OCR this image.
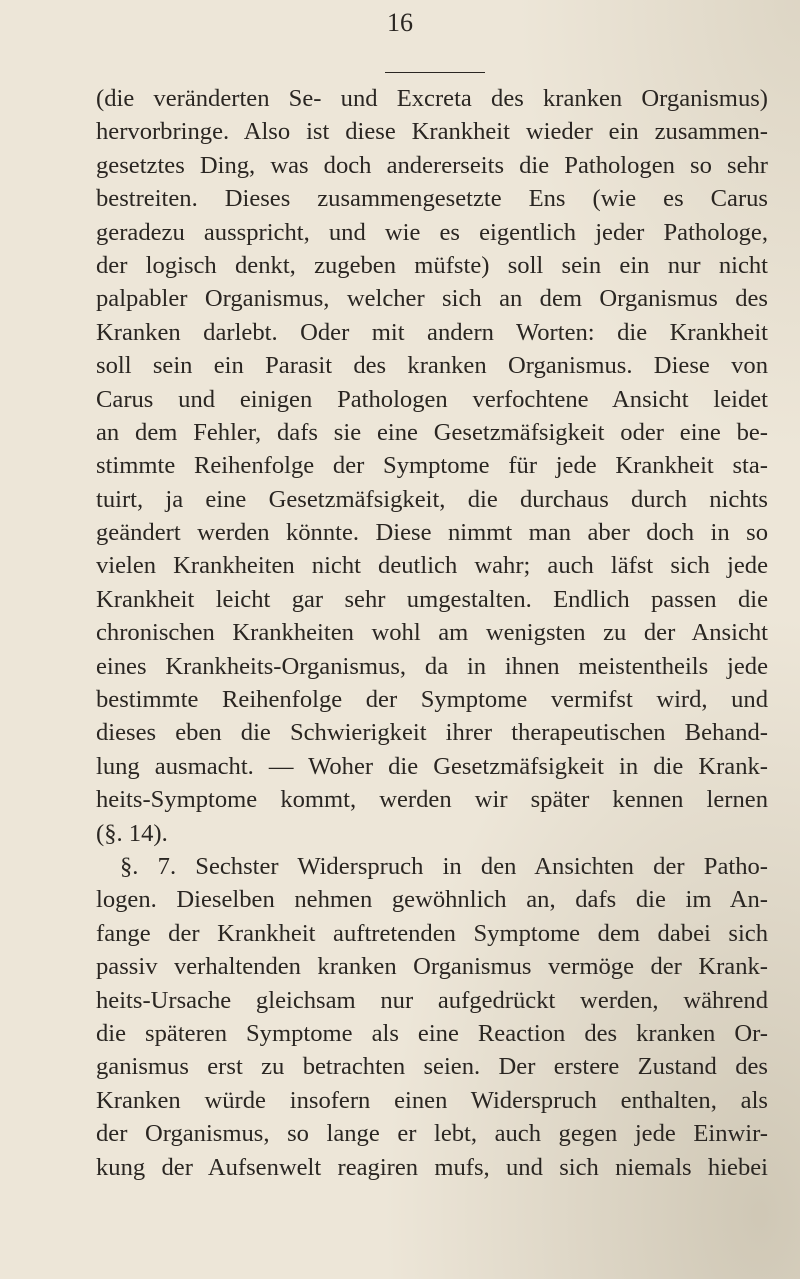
16
(die veränderten Se- und Excreta des kranken Organismus)
hervorbringe. Also ist diese Krankheit wieder ein zusammen-
gesetztes Ding, was doch andererseits die Pathologen so sehr
bestreiten. Dieses zusammengesetzte Ens (wie es Carus
geradezu ausspricht, und wie es eigentlich jeder Pathologe,
der logisch denkt, zugeben müfste) soll sein ein nur nicht
palpabler Organismus, welcher sich an dem Organismus des
Kranken darlebt. Oder mit andern Worten: die Krankheit
soll sein ein Parasit des kranken Organismus. Diese von
Carus und einigen Pathologen verfochtene Ansicht leidet
an dem Fehler, dafs sie eine Gesetzmäfsigkeit oder eine be-
stimmte Reihenfolge der Symptome für jede Krankheit sta-
tuirt, ja eine Gesetzmäfsigkeit, die durchaus durch nichts
geändert werden könnte. Diese nimmt man aber doch in so
vielen Krankheiten nicht deutlich wahr; auch läfst sich jede
Krankheit leicht gar sehr umgestalten. Endlich passen die
chronischen Krankheiten wohl am wenigsten zu der Ansicht
eines Krankheits-Organismus, da in ihnen meistentheils jede
bestimmte Reihenfolge der Symptome vermifst wird, und
dieses eben die Schwierigkeit ihrer therapeutischen Behand-
lung ausmacht. — Woher die Gesetzmäfsigkeit in die Krank-
heits-Symptome kommt, werden wir später kennen lernen
(§. 14).
§. 7. Sechster Widerspruch in den Ansichten der Patho-
logen. Dieselben nehmen gewöhnlich an, dafs die im An-
fange der Krankheit auftretenden Symptome dem dabei sich
passiv verhaltenden kranken Organismus vermöge der Krank-
heits-Ursache gleichsam nur aufgedrückt werden, während
die späteren Symptome als eine Reaction des kranken Or-
ganismus erst zu betrachten seien. Der erstere Zustand des
Kranken würde insofern einen Widerspruch enthalten, als
der Organismus, so lange er lebt, auch gegen jede Einwir-
kung der Aufsenwelt reagiren mufs, und sich niemals hiebei
